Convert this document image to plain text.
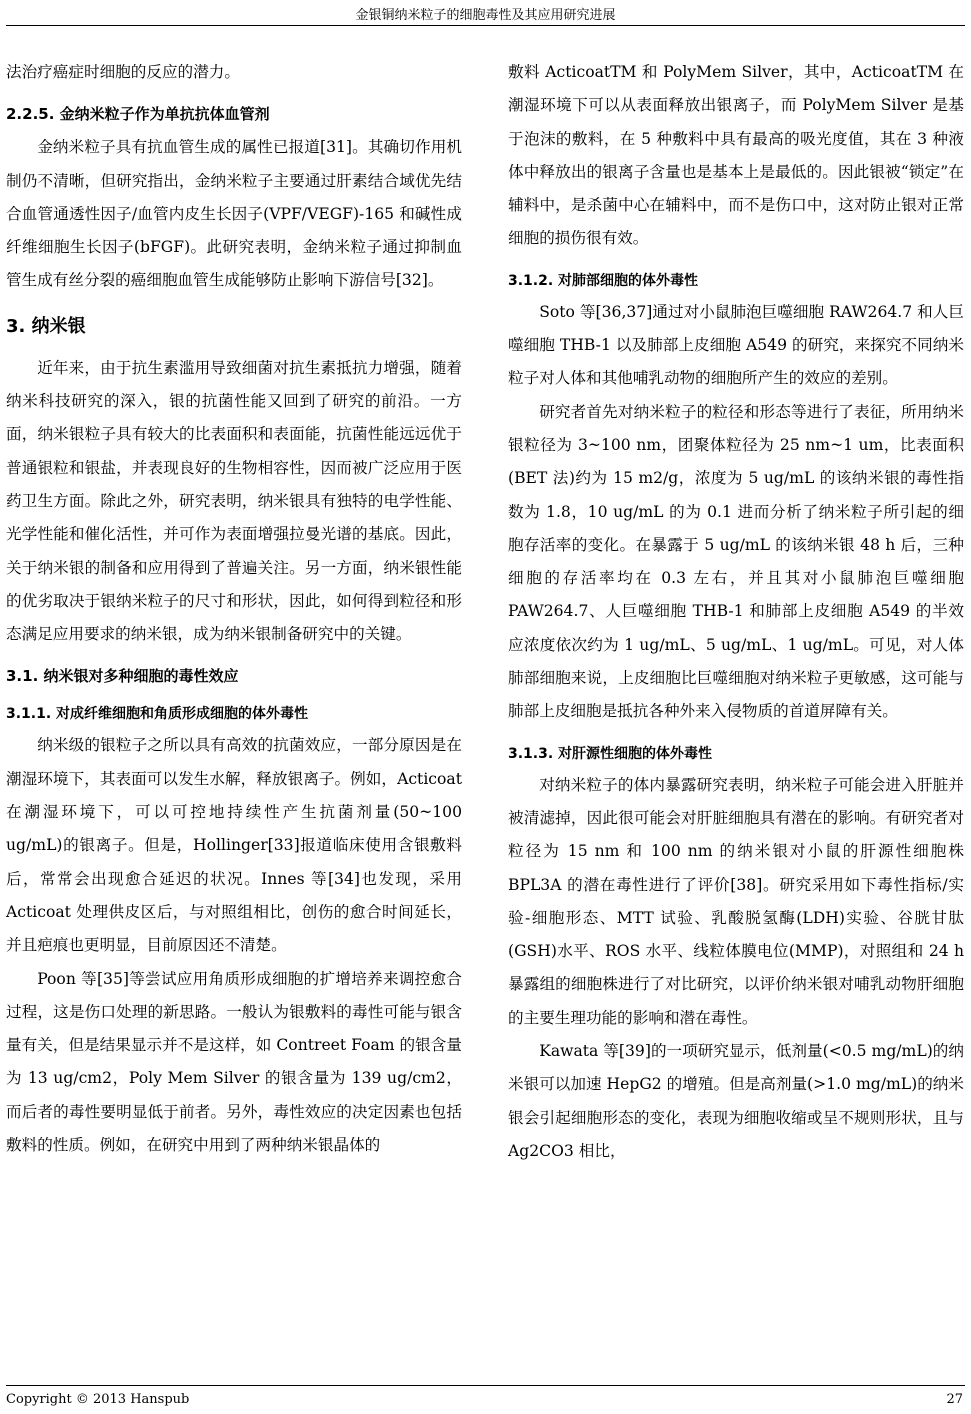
金银铜纳米粒子的细胞毒性及其应用研究进展

法治疗癌症时细胞的反应的潜力。

2.2.5. 金纳米粒子作为单抗抗体血管剂

金纳米粒子具有抗血管生成的属性已报道[31]。其确切作用机制仍不清晰，但研究指出，金纳米粒子主要通过肝素结合域优先结合血管通透性因子/血管内皮生长因子(VPF/VEGF)-165 和碱性成纤维细胞生长因子(bFGF)。此研究表明，金纳米粒子通过抑制血管生成有丝分裂的癌细胞血管生成能够防止影响下游信号[32]。

3. 纳米银

近年来，由于抗生素滥用导致细菌对抗生素抵抗力增强，随着纳米科技研究的深入，银的抗菌性能又回到了研究的前沿。一方面，纳米银粒子具有较大的比表面积和表面能，抗菌性能远远优于普通银粒和银盐，并表现良好的生物相容性，因而被广泛应用于医药卫生方面。除此之外，研究表明，纳米银具有独特的电学性能、光学性能和催化活性，并可作为表面增强拉曼光谱的基底。因此，关于纳米银的制备和应用得到了普遍关注。另一方面，纳米银性能的优劣取决于银纳米粒子的尺寸和形状，因此，如何得到粒径和形态满足应用要求的纳米银，成为纳米银制备研究中的关键。

3.1. 纳米银对多种细胞的毒性效应
3.1.1. 对成纤维细胞和角质形成细胞的体外毒性

纳米级的银粒子之所以具有高效的抗菌效应，一部分原因是在潮湿环境下，其表面可以发生水解，释放银离子。例如，Acticoat 在潮湿环境下，可以可控地持续性产生抗菌剂量(50~100 ug/mL)的银离子。但是，Hollinger[33]报道临床使用含银敷料后，常常会出现愈合延迟的状况。Innes 等[34]也发现，采用 Acticoat 处理供皮区后，与对照组相比，创伤的愈合时间延长，并且疤痕也更明显，目前原因还不清楚。

Poon 等[35]等尝试应用角质形成细胞的扩增培养来调控愈合过程，这是伤口处理的新思路。一般认为银敷料的毒性可能与银含量有关，但是结果显示并不是这样，如 Contreet Foam 的银含量为 13 ug/cm2，Poly Mem Silver 的银含量为 139 ug/cm2，而后者的毒性要明显低于前者。另外，毒性效应的决定因素也包括敷料的性质。例如，在研究中用到了两种纳米银晶体的

敷料 ActicoatTM 和 PolyMem Silver，其中，ActicoatTM 在潮湿环境下可以从表面释放出银离子，而 PolyMem Silver 是基于泡沫的敷料，在 5 种敷料中具有最高的吸光度值，其在 3 种液体中释放出的银离子含量也是基本上是最低的。因此银被“锁定”在辅料中，是杀菌中心在辅料中，而不是伤口中，这对防止银对正常细胞的损伤很有效。

3.1.2. 对肺部细胞的体外毒性

Soto 等[36,37]通过对小鼠肺泡巨噬细胞 RAW264.7 和人巨噬细胞 THB-1 以及肺部上皮细胞 A549 的研究，来探究不同纳米粒子对人体和其他哺乳动物的细胞所产生的效应的差别。

研究者首先对纳米粒子的粒径和形态等进行了表征，所用纳米银粒径为 3~100 nm，团聚体粒径为 25 nm~1 um，比表面积(BET 法)约为 15 m2/g，浓度为 5 ug/mL 的该纳米银的毒性指数为 1.8，10 ug/mL 的为 0.1 进而分析了纳米粒子所引起的细胞存活率的变化。在暴露于 5 ug/mL 的该纳米银 48 h 后，三种细胞的存活率均在 0.3 左右，并且其对小鼠肺泡巨噬细胞 PAW264.7、人巨噬细胞 THB-1 和肺部上皮细胞 A549 的半效应浓度依次约为 1 ug/mL、5 ug/mL、1 ug/mL。可见，对人体肺部细胞来说，上皮细胞比巨噬细胞对纳米粒子更敏感，这可能与肺部上皮细胞是抵抗各种外来入侵物质的首道屏障有关。

3.1.3. 对肝源性细胞的体外毒性

对纳米粒子的体内暴露研究表明，纳米粒子可能会进入肝脏并被清滤掉，因此很可能会对肝脏细胞具有潜在的影响。有研究者对粒径为 15 nm 和 100 nm 的纳米银对小鼠的肝源性细胞株 BPL3A 的潜在毒性进行了评价[38]。研究采用如下毒性指标/实验-细胞形态、MTT 试验、乳酸脱氢酶(LDH)实验、谷胱甘肽(GSH)水平、ROS 水平、线粒体膜电位(MMP)，对照组和 24 h 暴露组的细胞株进行了对比研究，以评价纳米银对哺乳动物肝细胞的主要生理功能的影响和潜在毒性。

Kawata 等[39]的一项研究显示，低剂量(<0.5 mg/mL)的纳米银可以加速 HepG2 的增殖。但是高剂量(>1.0 mg/mL)的纳米银会引起细胞形态的变化，表现为细胞收缩或呈不规则形状，且与 Ag2CO3 相比，

Copyright © 2013 Hanspub	27
